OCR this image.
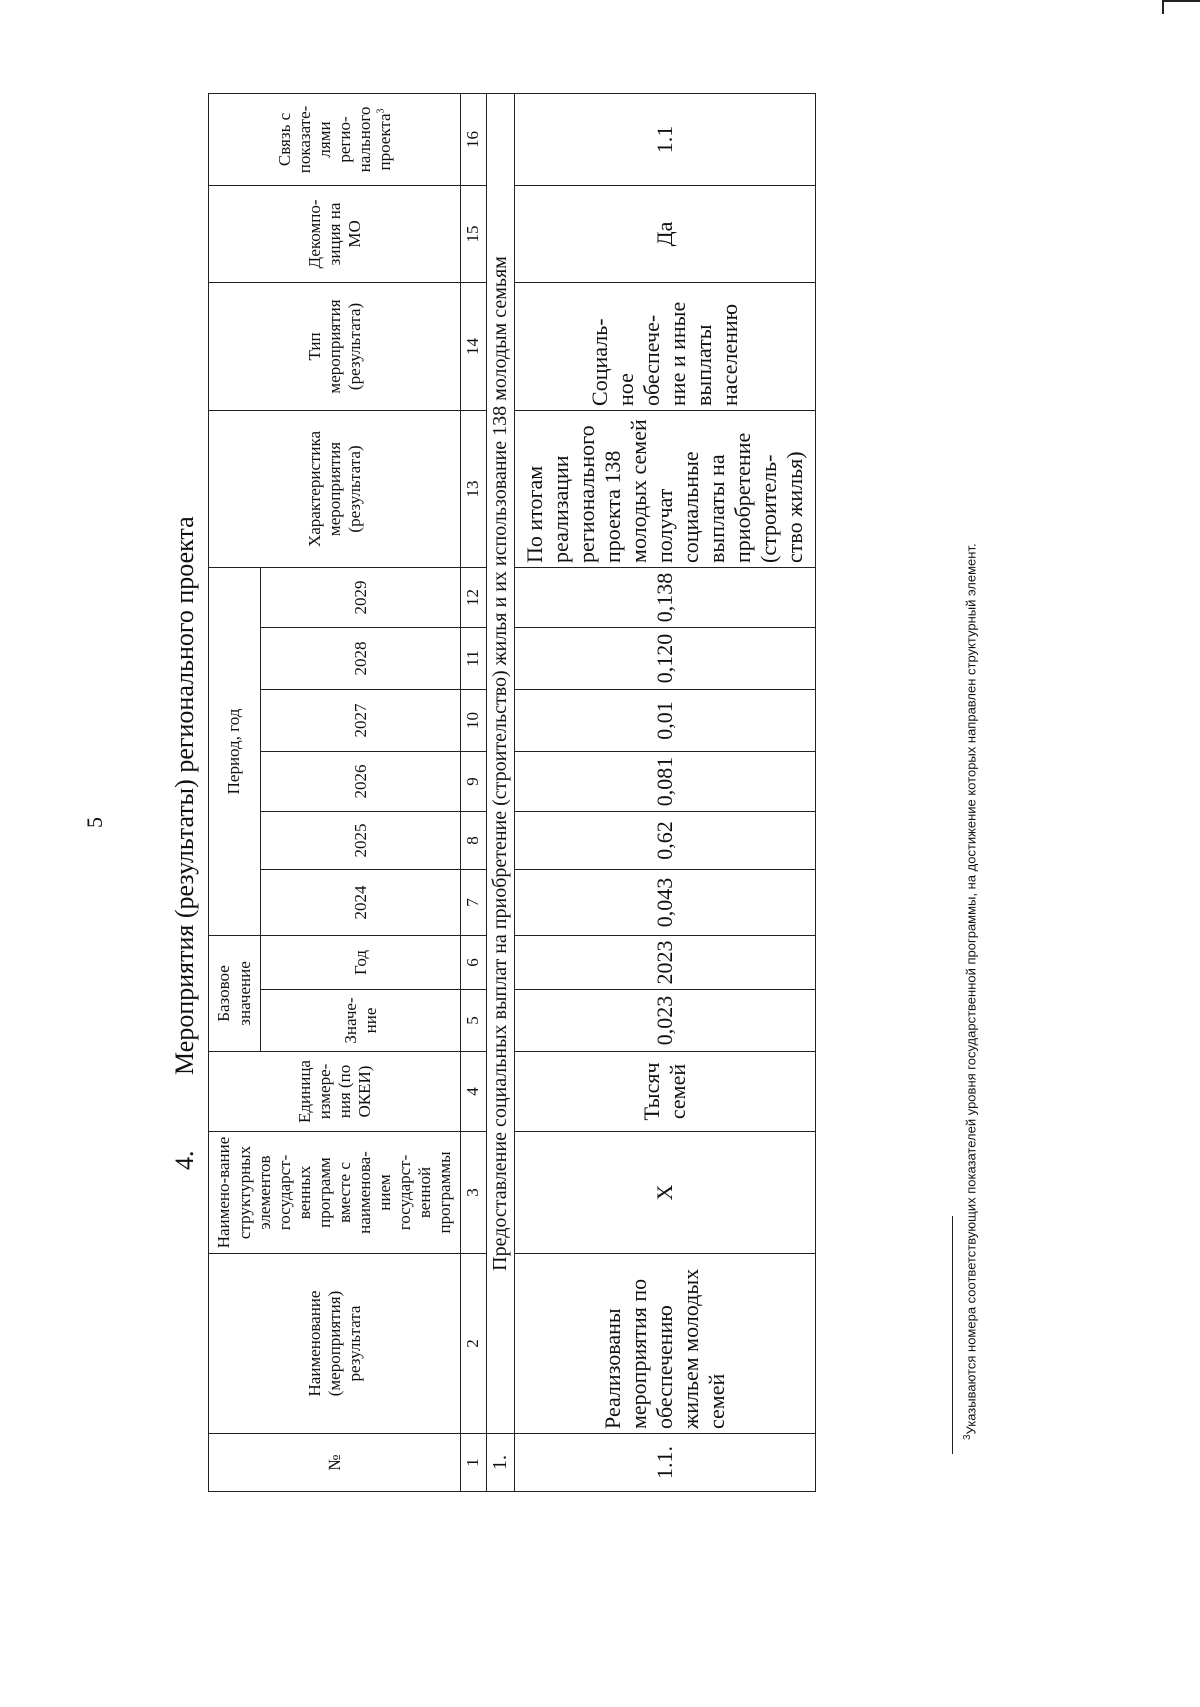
5
4.
Мероприятия (результаты) регионального проекта
№	Наименование (мероприятия) результата	Наимено-вание структурных элементов государст-венных программ вместе с наименова-нием государст-венной программы	Единица измере-ния (по ОКЕИ)	Базовое значение		Период, год						Характеристика мероприятия (результата)	Тип мероприятия (результата)	Декомпо-зиция на МО	Связь с показате-лями регио-нального проекта$^3$
				Значе-ние	Год	2024	2025	2026	2027	2028	2029				
1	2	3	4	5	6	7	8	9	10	11	12	13	14	15	16
1.	Предоставление социальных выплат на приобретение (строительство) жилья и их использование 138 молодым семьям														
1.1.	Реализованы мероприятия по обеспечению жильем молодых семей	Х	Тысяч семей	0,023	2023	0,043	0,62	0,081	0,01	0,120	0,138	По итогам реализации регионального проекта 138 молодых семей получат социальные выплаты на приобретение (строитель-ство жилья)	Социаль-ное обеспече-ние и иные выплаты населению	Да	1.1
$^3$Указываются номера соответствующих показателей уровня государственной программы, на достижение которых направлен структурный элемент.
